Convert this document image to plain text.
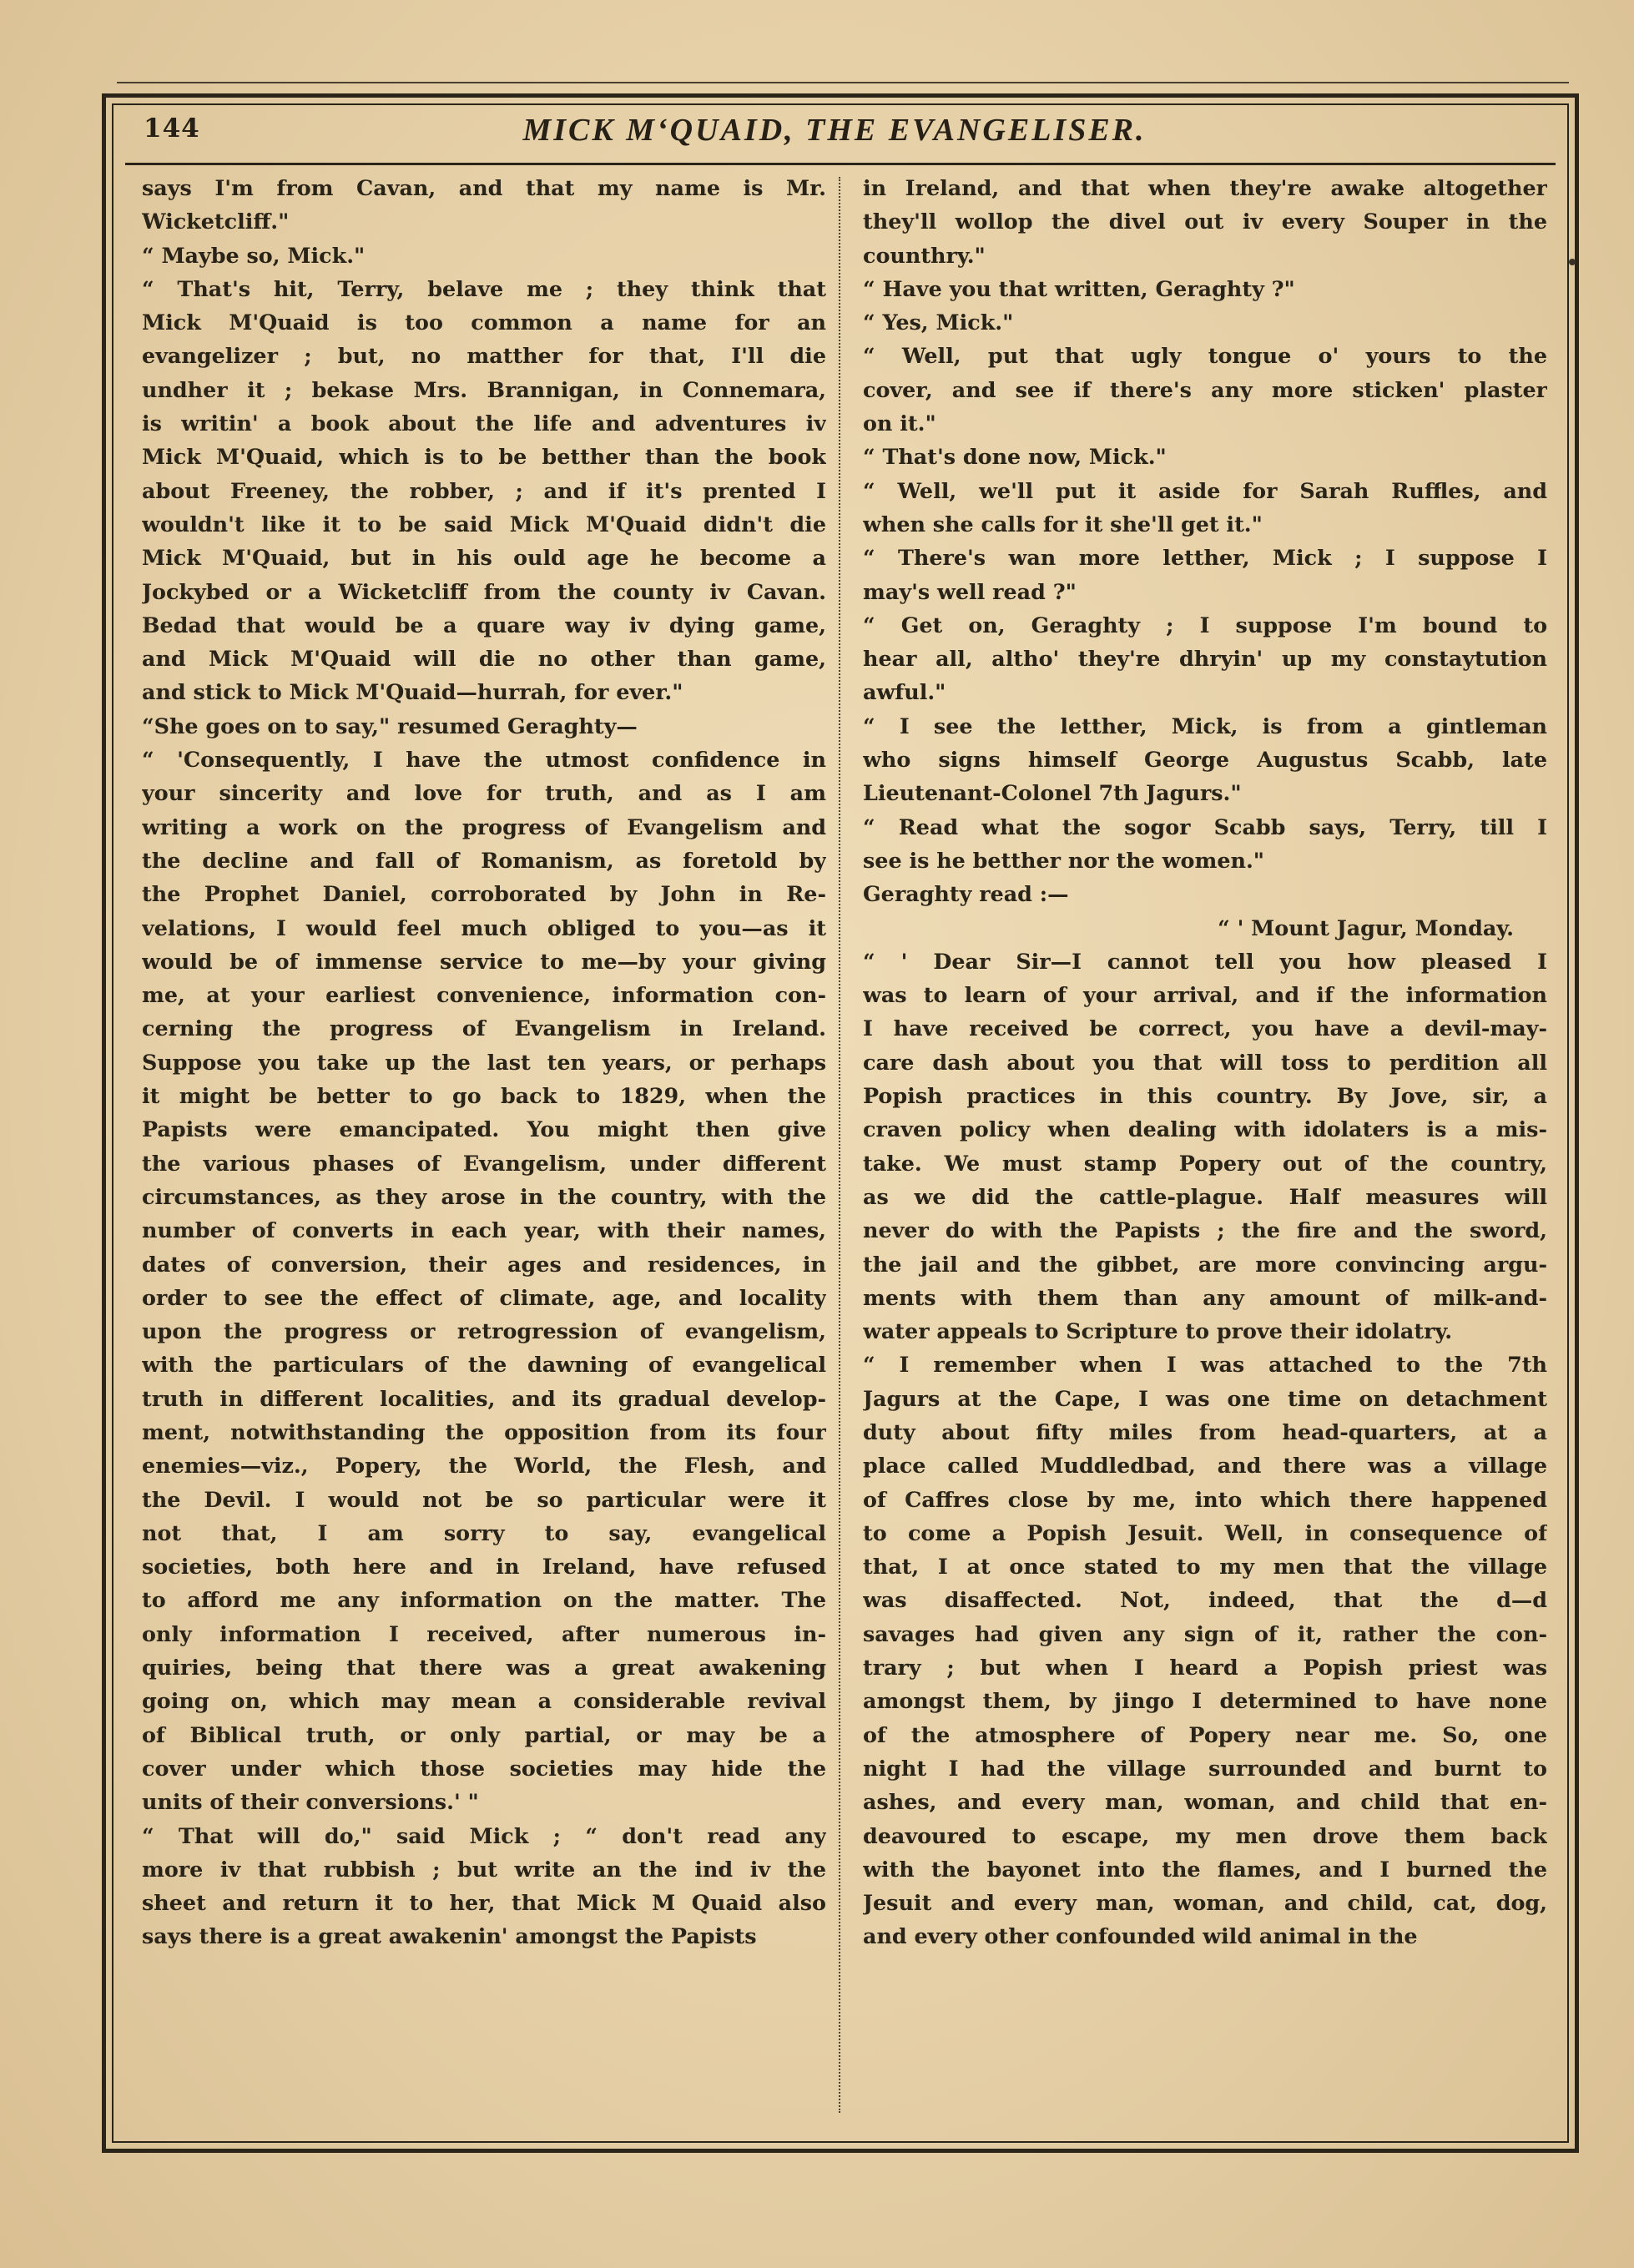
144	MICK M‘QUAID, THE EVANGELISER.
says I'm from Cavan, and that my name is Mr.
Wicketcliff."
“ Maybe so, Mick."
“ That's hit, Terry, belave me ; they think that
Mick M'Quaid is too common a name for an
evangelizer ; but, no matther for that, I'll die
undher it ; bekase Mrs. Brannigan, in Connemara,
is writin' a book about the life and adventures iv
Mick M'Quaid, which is to be betther than the book
about Freeney, the robber, ; and if it's prented I
wouldn't like it to be said Mick M'Quaid didn't die
Mick M'Quaid, but in his ould age he become a
Jockybed or a Wicketcliff from the county iv Cavan.
Bedad that would be a quare way iv dying game,
and Mick M'Quaid will die no other than game,
and stick to Mick M'Quaid—hurrah, for ever."
“She goes on to say," resumed Geraghty—
“ 'Consequently, I have the utmost confidence in
your sincerity and love for truth, and as I am
writing a work on the progress of Evangelism and
the decline and fall of Romanism, as foretold by
the Prophet Daniel, corroborated by John in Re-
velations, I would feel much obliged to you—as it
would be of immense service to me—by your giving
me, at your earliest convenience, information con-
cerning the progress of Evangelism in Ireland.
Suppose you take up the last ten years, or perhaps
it might be better to go back to 1829, when the
Papists were emancipated. You might then give
the various phases of Evangelism, under different
circumstances, as they arose in the country, with the
number of converts in each year, with their names,
dates of conversion, their ages and residences, in
order to see the effect of climate, age, and locality
upon the progress or retrogression of evangelism,
with the particulars of the dawning of evangelical
truth in different localities, and its gradual develop-
ment, notwithstanding the opposition from its four
enemies—viz., Popery, the World, the Flesh, and
the Devil. I would not be so particular were it
not that, I am sorry to say, evangelical
societies, both here and in Ireland, have refused
to afford me any information on the matter. The
only information I received, after numerous in-
quiries, being that there was a great awakening
going on, which may mean a considerable revival
of Biblical truth, or only partial, or may be a
cover under which those societies may hide the
units of their conversions.' "
“ That will do," said Mick ; “ don't read any
more iv that rubbish ; but write an the ind iv the
sheet and return it to her, that Mick M Quaid also
says there is a great awakenin' amongst the Papists
in Ireland, and that when they're awake altogether
they'll wollop the divel out iv every Souper in the
counthry."
“ Have you that written, Geraghty ?"
“ Yes, Mick."
“ Well, put that ugly tongue o' yours to the
cover, and see if there's any more sticken' plaster
on it."
“ That's done now, Mick."
“ Well, we'll put it aside for Sarah Ruffles, and
when she calls for it she'll get it."
“ There's wan more letther, Mick ; I suppose I
may's well read ?"
“ Get on, Geraghty ; I suppose I'm bound to
hear all, altho' they're dhryin' up my constaytution
awful."
“ I see the letther, Mick, is from a gintleman
who signs himself George Augustus Scabb, late
Lieutenant-Colonel 7th Jagurs."
“ Read what the sogor Scabb says, Terry, till I
see is he betther nor the women."
Geraghty read :—
“ ' Mount Jagur, Monday.
“ ' Dear Sir—I cannot tell you how pleased I
was to learn of your arrival, and if the information
I have received be correct, you have a devil-may-
care dash about you that will toss to perdition all
Popish practices in this country. By Jove, sir, a
craven policy when dealing with idolaters is a mis-
take. We must stamp Popery out of the country,
as we did the cattle-plague. Half measures will
never do with the Papists ; the fire and the sword,
the jail and the gibbet, are more convincing argu-
ments with them than any amount of milk-and-
water appeals to Scripture to prove their idolatry.
“ I remember when I was attached to the 7th
Jagurs at the Cape, I was one time on detachment
duty about fifty miles from head-quarters, at a
place called Muddledbad, and there was a village
of Caffres close by me, into which there happened
to come a Popish Jesuit. Well, in consequence of
that, I at once stated to my men that the village
was disaffected. Not, indeed, that the d—d
savages had given any sign of it, rather the con-
trary ; but when I heard a Popish priest was
amongst them, by jingo I determined to have none
of the atmosphere of Popery near me. So, one
night I had the village surrounded and burnt to
ashes, and every man, woman, and child that en-
deavoured to escape, my men drove them back
with the bayonet into the flames, and I burned the
Jesuit and every man, woman, and child, cat, dog,
and every other confounded wild animal in the
